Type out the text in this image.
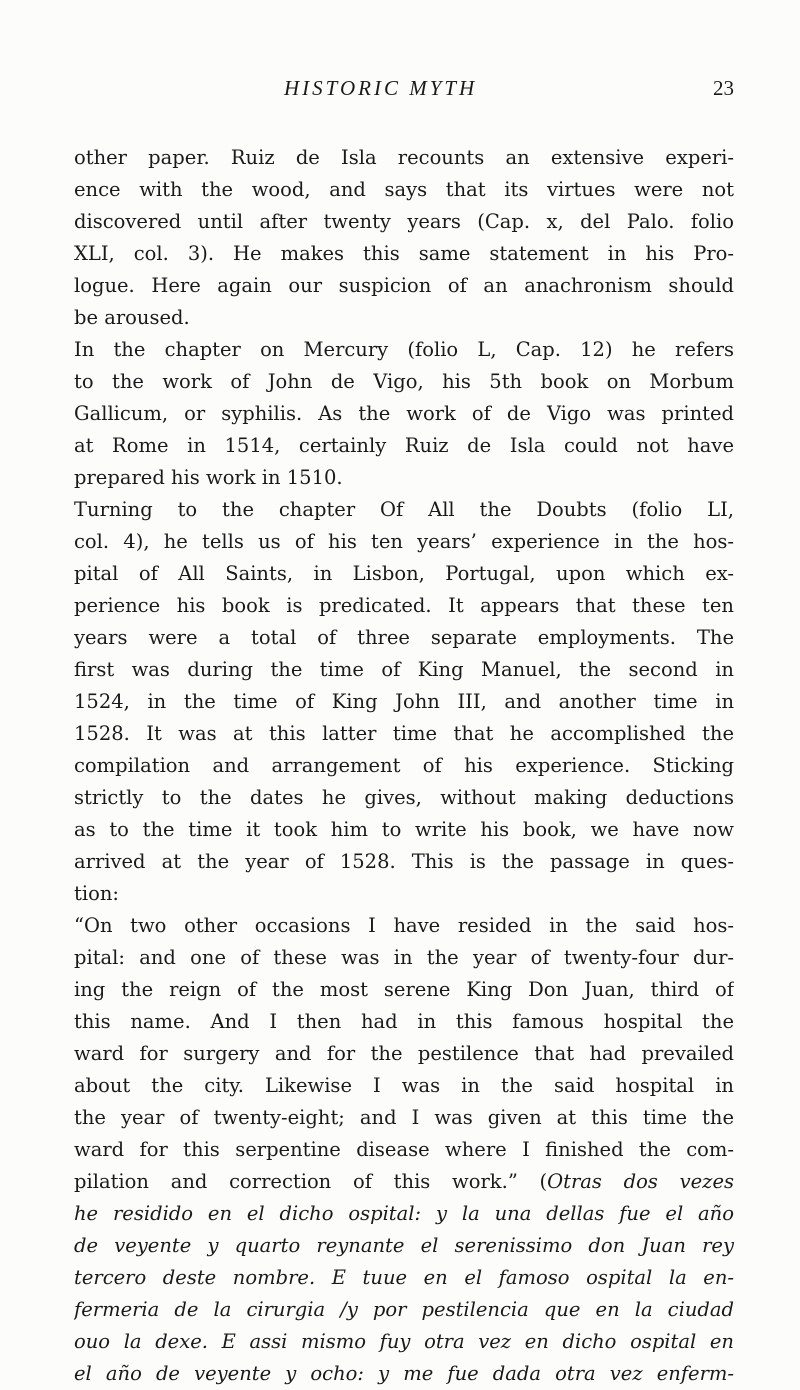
HISTORIC MYTH	23
other paper. Ruiz de Isla recounts an extensive experi-
ence with the wood, and says that its virtues were not
discovered until after twenty years (Cap. x, del Palo. folio
XLI, col. 3). He makes this same statement in his Pro-
logue. Here again our suspicion of an anachronism should
be aroused.
In the chapter on Mercury (folio L, Cap. 12) he refers
to the work of John de Vigo, his 5th book on Morbum
Gallicum, or syphilis. As the work of de Vigo was printed
at Rome in 1514, certainly Ruiz de Isla could not have
prepared his work in 1510.
Turning to the chapter Of All the Doubts (folio LI,
col. 4), he tells us of his ten years’ experience in the hos-
pital of All Saints, in Lisbon, Portugal, upon which ex-
perience his book is predicated. It appears that these ten
years were a total of three separate employments. The
first was during the time of King Manuel, the second in
1524, in the time of King John III, and another time in
1528. It was at this latter time that he accomplished the
compilation and arrangement of his experience. Sticking
strictly to the dates he gives, without making deductions
as to the time it took him to write his book, we have now
arrived at the year of 1528. This is the passage in ques-
tion:
“On two other occasions I have resided in the said hos-
pital: and one of these was in the year of twenty-four dur-
ing the reign of the most serene King Don Juan, third of
this name. And I then had in this famous hospital the
ward for surgery and for the pestilence that had prevailed
about the city. Likewise I was in the said hospital in
the year of twenty-eight; and I was given at this time the
ward for this serpentine disease where I finished the com-
pilation and correction of this work.” (Otras dos vezes
he residido en el dicho ospital: y la una dellas fue el año
de veyente y quarto reynante el serenissimo don Juan rey
tercero deste nombre. E tuue en el famoso ospital la en-
fermeria de la cirurgia /y por pestilencia que en la ciudad
ouo la dexe. E assi mismo fuy otra vez en dicho ospital en
el año de veyente y ocho: y me fue dada otra vez enferm-
